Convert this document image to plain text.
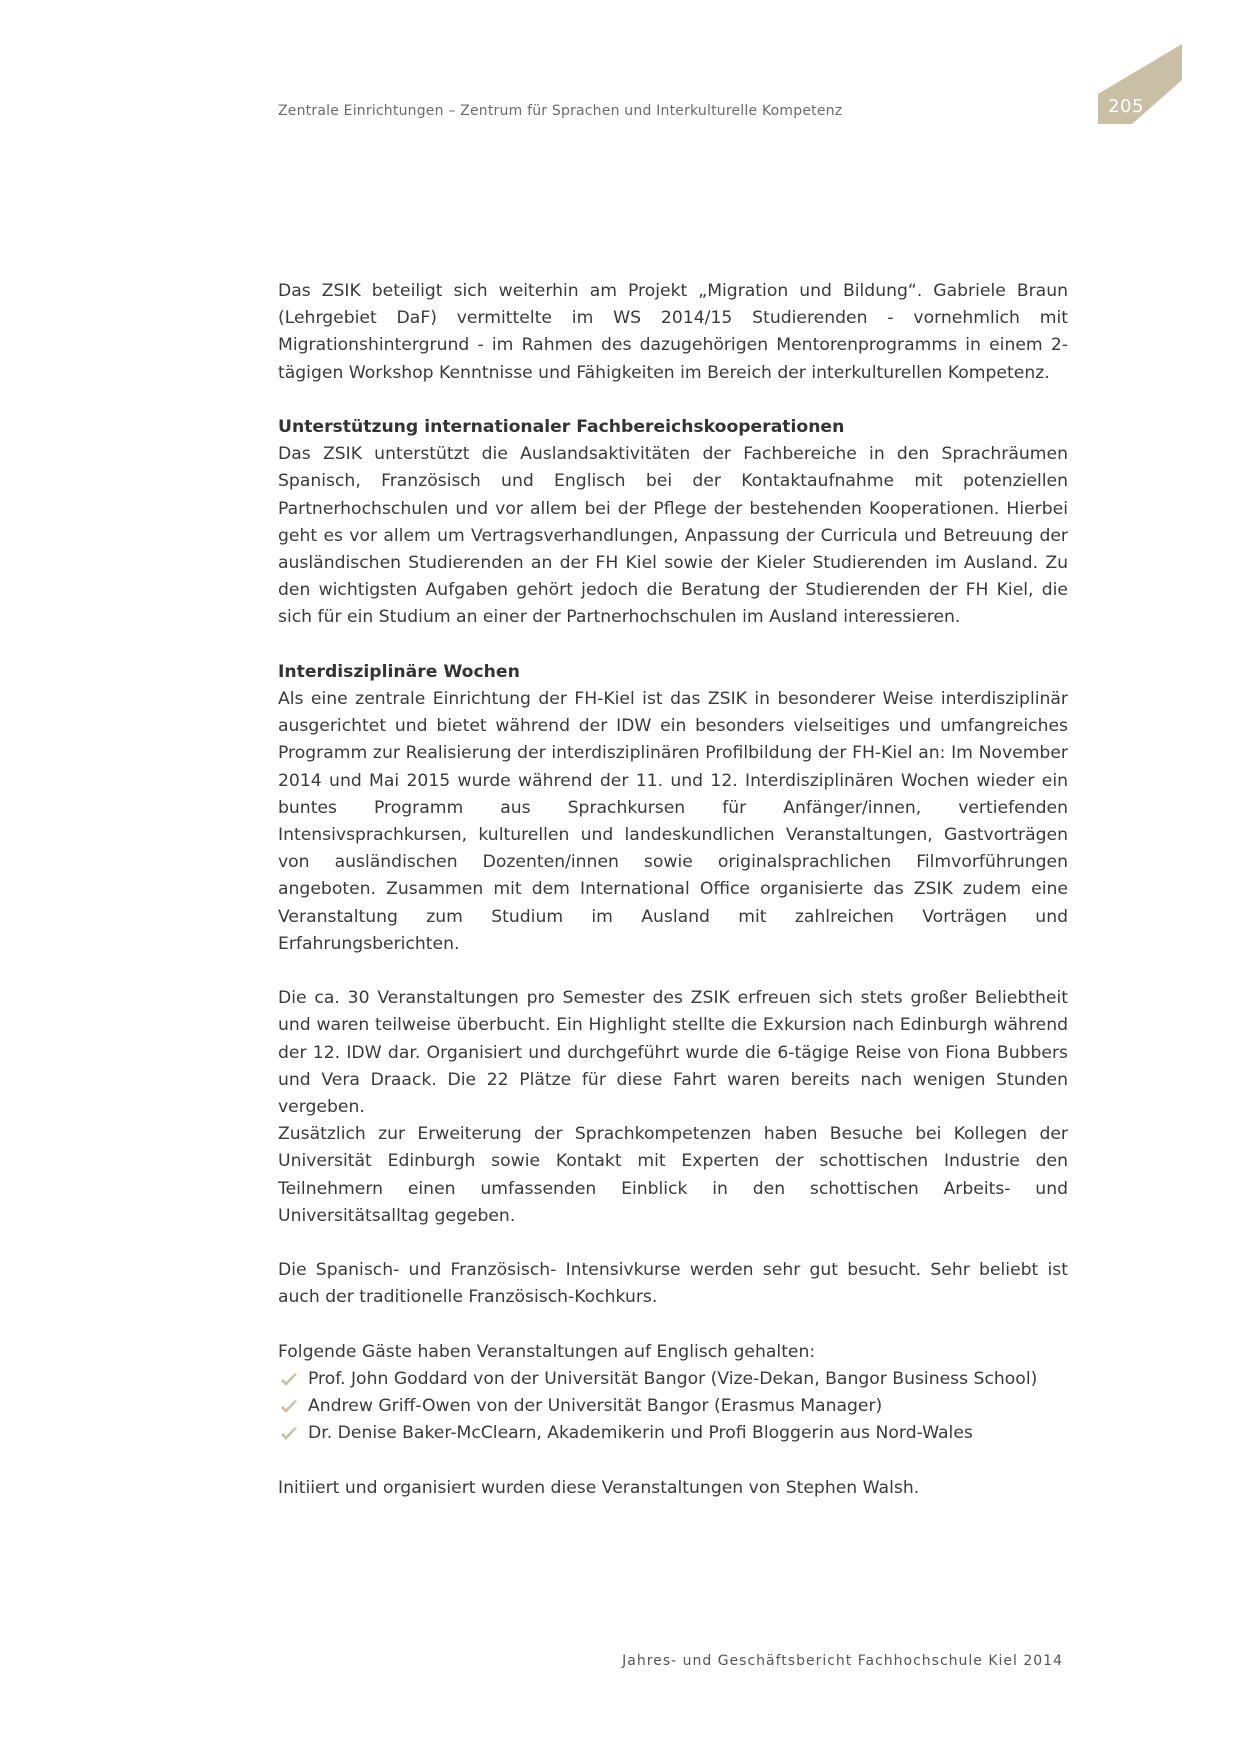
Zentrale Einrichtungen – Zentrum für Sprachen und Interkulturelle Kompetenz	205

Das ZSIK beteiligt sich weiterhin am Projekt „Migration und Bildung“. Gabriele Braun (Lehrgebiet DaF) vermittelte im WS 2014/15 Studierenden - vornehmlich mit Migrationshintergrund - im Rahmen des dazugehörigen Mentorenprogramms in einem 2-tägigen Workshop Kenntnisse und Fähigkeiten im Bereich der interkulturellen Kompetenz.

Unterstützung internationaler Fachbereichskooperationen

Das ZSIK unterstützt die Auslandsaktivitäten der Fachbereiche in den Sprachräumen Spanisch, Französisch und Englisch bei der Kontaktaufnahme mit potenziellen Partnerhochschulen und vor allem bei der Pflege der bestehenden Kooperationen. Hierbei geht es vor allem um Vertragsverhandlungen, Anpassung der Curricula und Betreuung der ausländischen Studierenden an der FH Kiel sowie der Kieler Studierenden im Ausland. Zu den wichtigsten Aufgaben gehört jedoch die Beratung der Studierenden der FH Kiel, die sich für ein Studium an einer der Partnerhochschulen im Ausland interessieren.

Interdisziplinäre Wochen

Als eine zentrale Einrichtung der FH-Kiel ist das ZSIK in besonderer Weise interdisziplinär ausgerichtet und bietet während der IDW ein besonders vielseitiges und umfangreiches Programm zur Realisierung der interdisziplinären Profilbildung der FH-Kiel an: Im November 2014 und Mai 2015 wurde während der 11. und 12. Interdisziplinären Wochen wieder ein buntes Programm aus Sprachkursen für Anfänger/innen, vertiefenden Intensivsprachkursen, kulturellen und landeskundlichen Veranstaltungen, Gastvorträgen von ausländischen Dozenten/innen sowie originalsprachlichen Filmvorführungen angeboten. Zusammen mit dem International Office organisierte das ZSIK zudem eine Veranstaltung zum Studium im Ausland mit zahlreichen Vorträgen und Erfahrungsberichten.

Die ca. 30 Veranstaltungen pro Semester des ZSIK erfreuen sich stets großer Beliebtheit und waren teilweise überbucht. Ein Highlight stellte die Exkursion nach Edinburgh während der 12. IDW dar. Organisiert und durchgeführt wurde die 6-tägige Reise von Fiona Bubbers und Vera Draack. Die 22 Plätze für diese Fahrt waren bereits nach wenigen Stunden vergeben.

Zusätzlich zur Erweiterung der Sprachkompetenzen haben Besuche bei Kollegen der Universität Edinburgh sowie Kontakt mit Experten der schottischen Industrie den Teilnehmern einen umfassenden Einblick in den schottischen Arbeits- und Universitätsalltag gegeben.

Die Spanisch- und Französisch- Intensivkurse werden sehr gut besucht. Sehr beliebt ist auch der traditionelle Französisch-Kochkurs.

Folgende Gäste haben Veranstaltungen auf Englisch gehalten:

Prof. John Goddard von der Universität Bangor (Vize-Dekan, Bangor Business School)
Andrew Griff-Owen von der Universität Bangor (Erasmus Manager)
Dr. Denise Baker-McClearn, Akademikerin und Profi Bloggerin aus Nord-Wales

Initiiert und organisiert wurden diese Veranstaltungen von Stephen Walsh.

Jahres- und Geschäftsbericht Fachhochschule Kiel 2014
